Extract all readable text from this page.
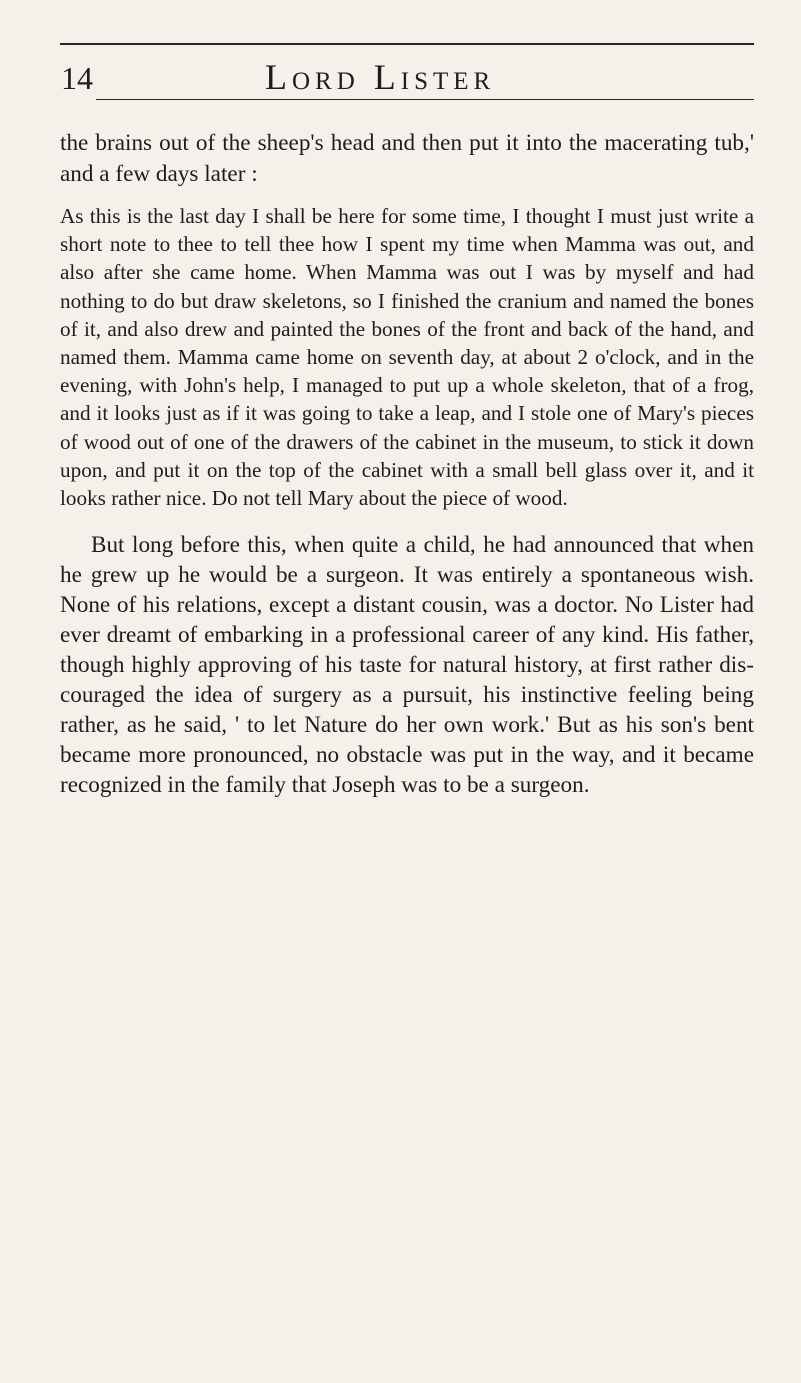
14	Lord Lister

the brains out of the sheep's head and then put it into the macerating tub,' and a few days later :

As this is the last day I shall be here for some time, I thought I must just write a short note to thee to tell thee how I spent my time when Mamma was out, and also after she came home. When Mamma was out I was by myself and had nothing to do but draw skeletons, so I finished the cranium and named the bones of it, and also drew and painted the bones of the front and back of the hand, and named them. Mamma came home on seventh day, at about 2 o'clock, and in the evening, with John's help, I managed to put up a whole skeleton, that of a frog, and it looks just as if it was going to take a leap, and I stole one of Mary's pieces of wood out of one of the drawers of the cabinet in the museum, to stick it down upon, and put it on the top of the cabinet with a small bell glass over it, and it looks rather nice. Do not tell Mary about the piece of wood.

But long before this, when quite a child, he had announced that when he grew up he would be a surgeon. It was entirely a spontaneous wish. None of his relations, except a distant cousin, was a doctor. No Lister had ever dreamt of embarking in a professional career of any kind. His father, though highly approving of his taste for natural history, at first rather dis- couraged the idea of surgery as a pursuit, his instinctive feeling being rather, as he said, ' to let Nature do her own work.' But as his son's bent became more pronounced, no obstacle was put in the way, and it became recognized in the family that Joseph was to be a surgeon.
